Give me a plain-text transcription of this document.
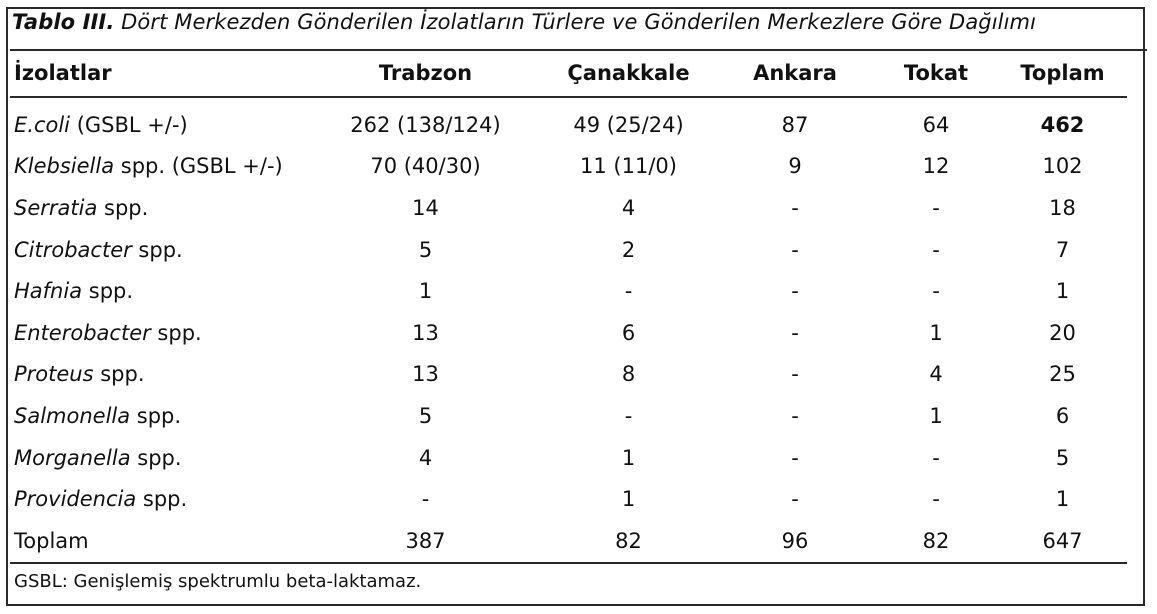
Tablo III. Dört Merkezden Gönderilen İzolatların Türlere ve Gönderilen Merkezlere Göre Dağılımı
İzolatlar	Trabzon	Çanakkale	Ankara	Tokat	Toplam
E.coli (GSBL +/-)	262 (138/124)	49 (25/24)	87	64	462
Klebsiella spp. (GSBL +/-)	70 (40/30)	11 (11/0)	9	12	102
Serratia spp.	14	4	-	-	18
Citrobacter spp.	5	2	-	-	7
Hafnia spp.	1	-	-	-	1
Enterobacter spp.	13	6	-	1	20
Proteus spp.	13	8	-	4	25
Salmonella spp.	5	-	-	1	6
Morganella spp.	4	1	-	-	5
Providencia spp.	-	1	-	-	1
Toplam	387	82	96	82	647
GSBL: Genişlemiş spektrumlu beta-laktamaz.					
